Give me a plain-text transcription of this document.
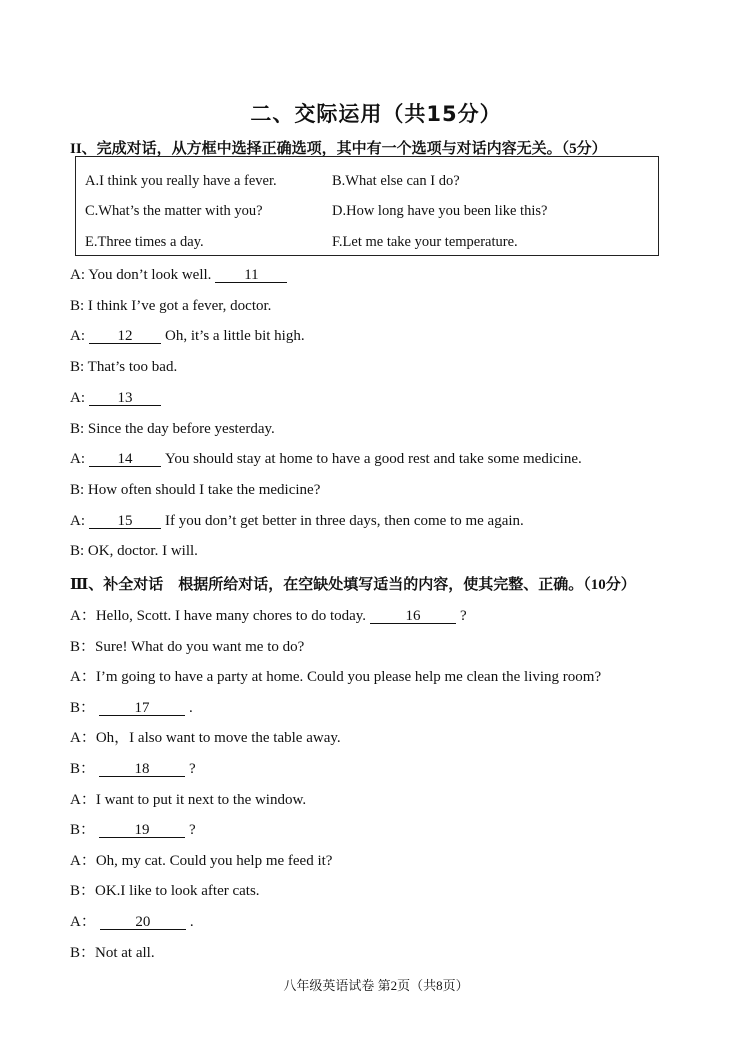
二、交际运用（共15分）
II、完成对话，从方框中选择正确选项，其中有一个选项与对话内容无关。（5分）
A.I think you really have a fever.	B.What else can I do?
C.What’s the matter with you?	D.How long have you been like this?
E.Three times a day.	F.Let me take your temperature.
A: You don’t look well. 11
B: I think I’ve got a fever, doctor.
A: 12 Oh, it’s a little bit high.
B: That’s too bad.
A: 13
B: Since the day before yesterday.
A: 14 You should stay at home to have a good rest and take some medicine.
B: How often should I take the medicine?
A: 15 If you don’t get better in three days, then come to me again.
B: OK, doctor. I will.
Ⅲ、补全对话　根据所给对话，在空缺处填写适当的内容，使其完整、正确。（10分）
A：Hello, Scott. I have many chores to do today.	16	?
B：Sure! What do you want me to do?
A：I’m going to have a party at home. Could you please help me clean the living room?
B：	17	.
A：Oh，I also want to move the table away.
B：	18	?
A：I want to put it next to the window.
B：	19	?
A：Oh, my cat. Could you help me feed it?
B：OK.I like to look after cats.
A：	20	.
B：Not at all.
八年级英语试卷 第2页（共8页）
